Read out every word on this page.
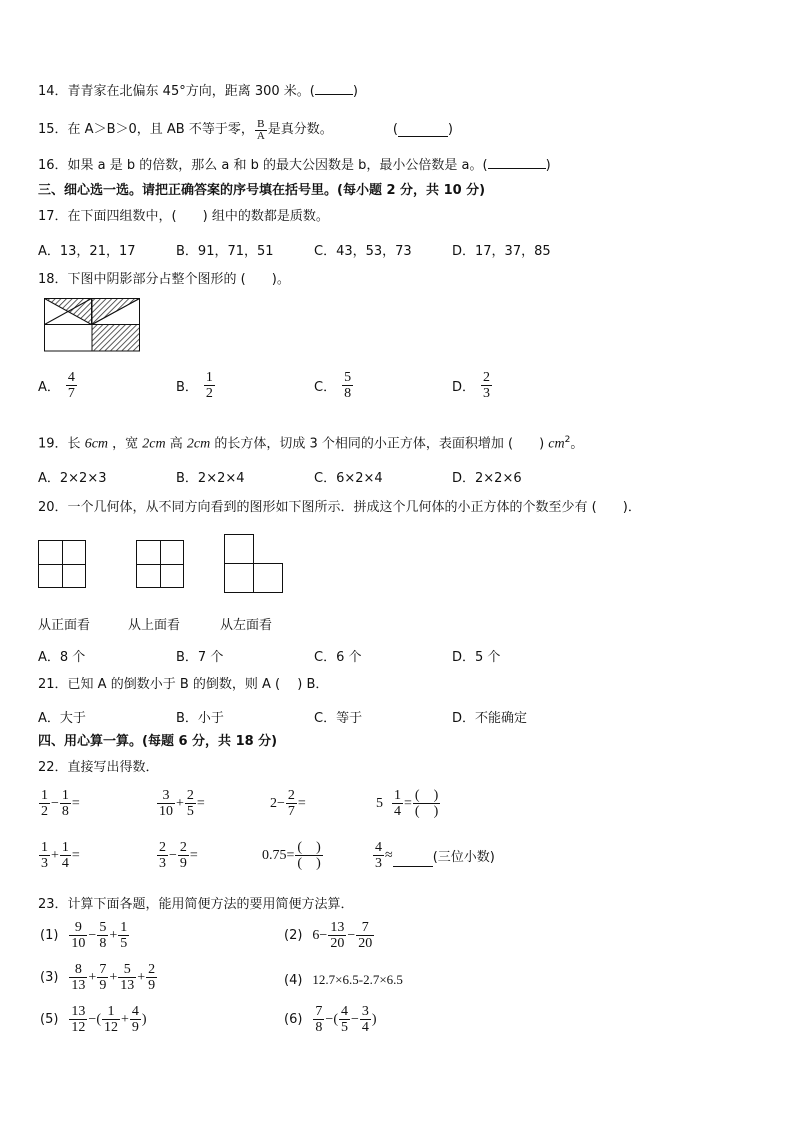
14．青青家在北偏东 45°方向，距离 300 米。(	)
15．在 A＞B＞0，且 AB 不等于零， $\frac{B}{A}$ 是真分数。	(	)
16．如果 a 是 b 的倍数，那么 a 和 b 的最大公因数是 b，最小公倍数是 a。(	)
三、细心选一选。请把正确答案的序号填在括号里。(每小题 2 分，共 10 分)
17．在下面四组数中，(　　) 组中的数都是质数。
A．13，21，17	B．91，71，51	C．43，53，73	D．17，37，85
18．下图中阴影部分占整个图形的 (　　)。
A． $\frac{4}{7}$	B． $\frac{1}{2}$	C． $\frac{5}{8}$	D． $\frac{2}{3}$
19．长 6cm ，宽 2cm 高 2cm 的长方体，切成 3 个相同的小正方体，表面积增加 (　　) $cm^2$。
A．2×2×3	B．2×2×4	C．6×2×4	D．2×2×6
20．一个几何体，从不同方向看到的图形如下图所示．拼成这个几何体的小正方体的个数至少有 (　　)．
从正面看	从上面看	从左面看
A．8 个	B．7 个	C．6 个	D．5 个
21．已知 A 的倒数小于 B 的倒数，则 A (　 ) B．
A．大于	B．小于	C．等于	D．不能确定
四、用心算一算。(每题 6 分，共 18 分)
22．直接写出得数．
$\frac{1}{2} - \frac{1}{8}$ =	$\frac{3}{10} + \frac{2}{5}$ =	$2- \frac{2}{7}$ =	$5 \frac{1}{4} = \frac{( )}{( )}$
$\frac{1}{3} + \frac{1}{4}$ =	$\frac{2}{3} - \frac{2}{9}$ =	$0.75= \frac{( )}{( )}$	$\frac{4}{3}$ ≈	(三位小数)
23．计算下面各题，能用简便方法的要用简便方法算．
$(1) \frac{9}{10} - \frac{5}{8} + \frac{1}{5}$	(2) $6- \frac{13}{20} - \frac{7}{20}$
$(3) \frac{8}{13} + \frac{7}{9} + \frac{5}{13} + \frac{2}{9}$	(4) 12.7×6.5-2.7×6.5
$(5) \frac{13}{12}$ − ( $\frac{1}{12} + \frac{4}{9}$ )	$(6) \frac{7}{8}$ − ( $\frac{4}{5} - \frac{3}{4}$ )
